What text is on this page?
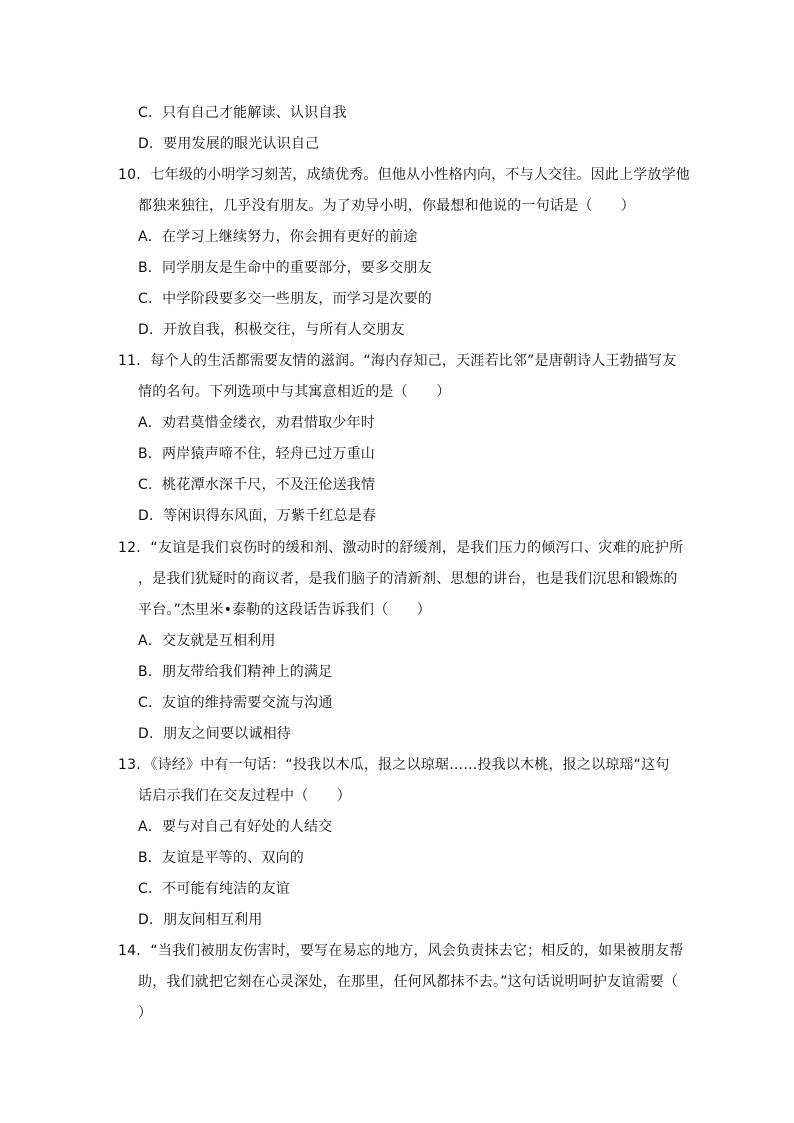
C．只有自己才能解读、认识自我
D．要用发展的眼光认识自己
10．七年级的小明学习刻苦，成绩优秀。但他从小性格内向，不与人交往。因此上学放学他
都独来独往，几乎没有朋友。为了劝导小明，你最想和他说的一句话是（　　）
A．在学习上继续努力，你会拥有更好的前途
B．同学朋友是生命中的重要部分，要多交朋友
C．中学阶段要多交一些朋友，而学习是次要的
D．开放自我，积极交往，与所有人交朋友
11．每个人的生活都需要友情的滋润。“海内存知己，天涯若比邻”是唐朝诗人王勃描写友
情的名句。下列选项中与其寓意相近的是（　　）
A．劝君莫惜金缕衣，劝君惜取少年时
B．两岸猿声啼不住，轻舟已过万重山
C．桃花潭水深千尺，不及汪伦送我情
D．等闲识得东风面，万紫千红总是春
12．“友谊是我们哀伤时的缓和剂、激动时的舒缓剂，是我们压力的倾泻口、灾难的庇护所
，是我们犹疑时的商议者，是我们脑子的清新剂、思想的讲台，也是我们沉思和锻炼的
平台。”杰里米•泰勒的这段话告诉我们（　　）
A．交友就是互相利用
B．朋友带给我们精神上的满足
C．友谊的维持需要交流与沟通
D．朋友之间要以诚相待
13．《诗经》中有一句话：“投我以木瓜，报之以琼琚……投我以木桃，报之以琼瑶“这句
话启示我们在交友过程中（　　）
A．要与对自己有好处的人结交
B．友谊是平等的、双向的
C．不可能有纯洁的友谊
D．朋友间相互利用
14．“当我们被朋友伤害时，要写在易忘的地方，风会负责抹去它；相反的，如果被朋友帮
助，我们就把它刻在心灵深处，在那里，任何风都抹不去。”这句话说明呵护友谊需要（
）
